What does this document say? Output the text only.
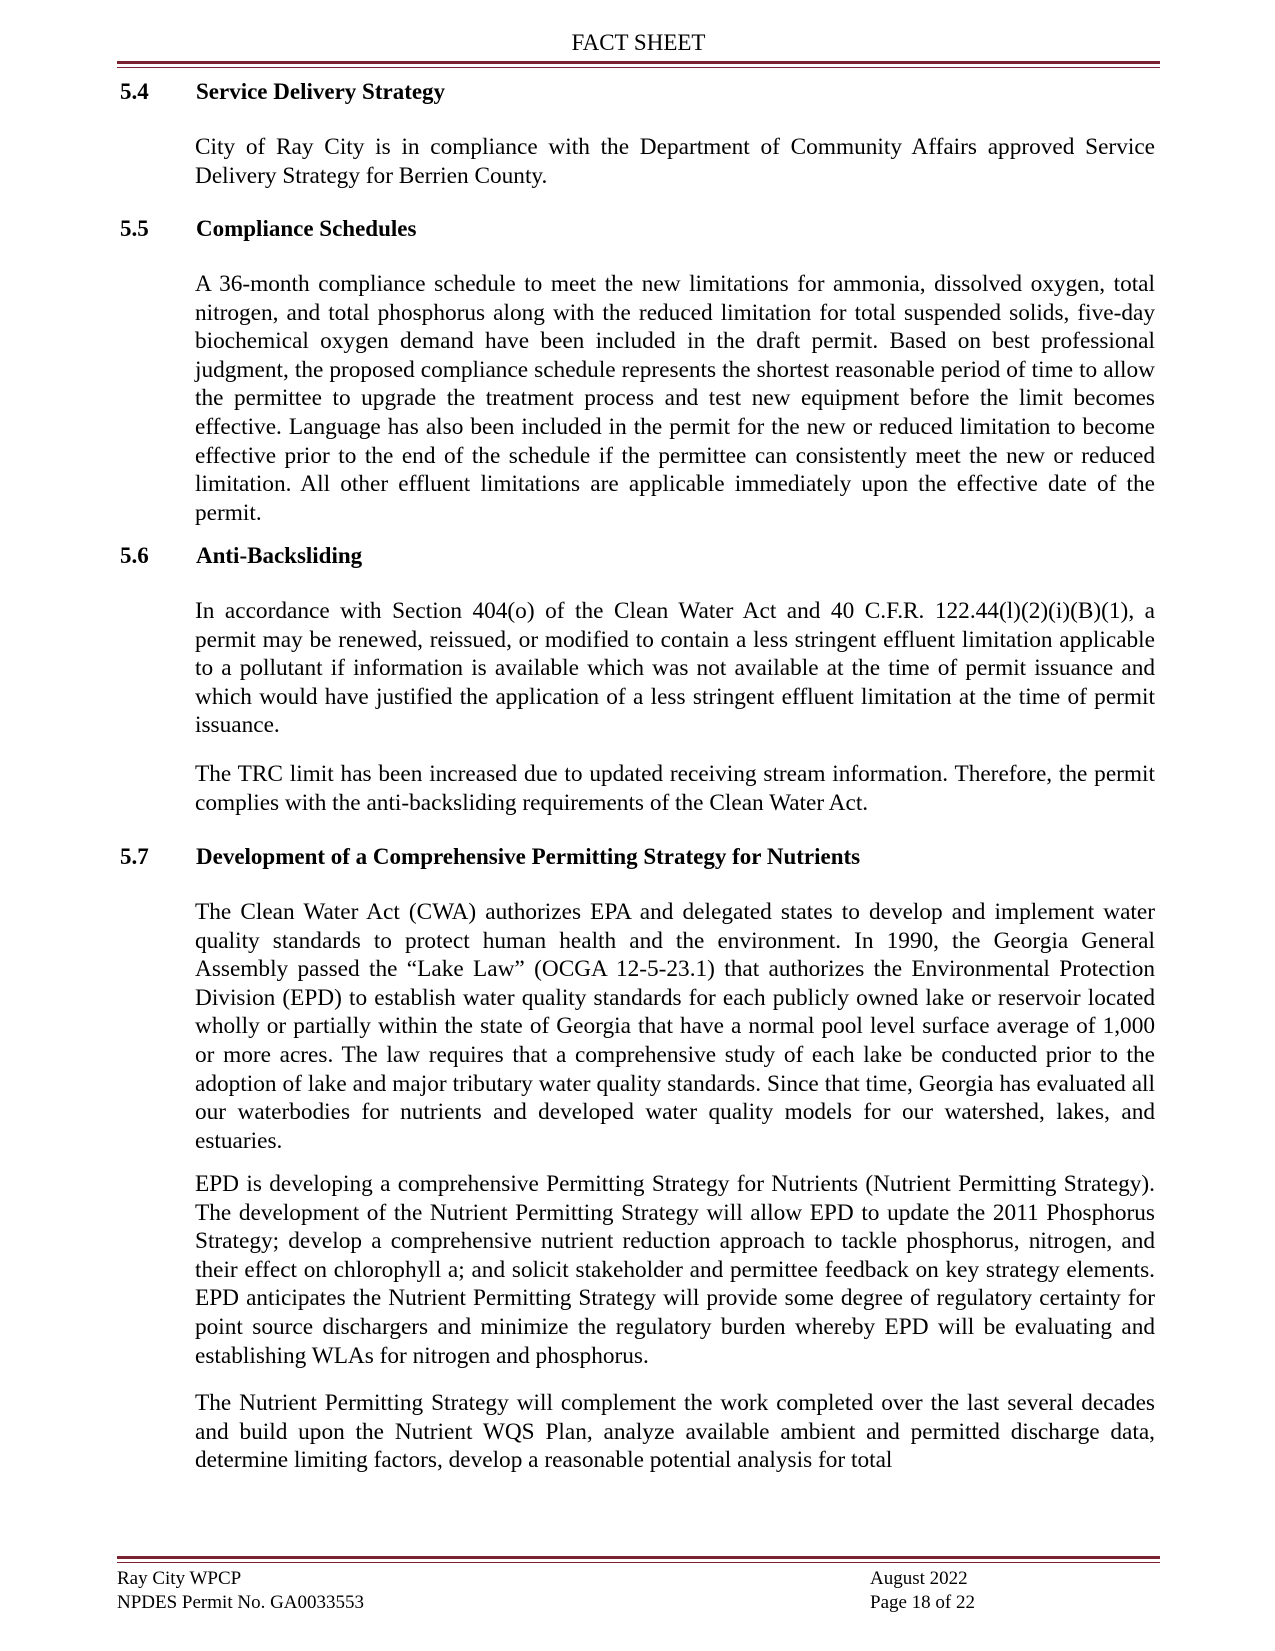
FACT SHEET
5.4 Service Delivery Strategy

City of Ray City is in compliance with the Department of Community Affairs approved Service Delivery Strategy for Berrien County.

5.5 Compliance Schedules

A 36-month compliance schedule to meet the new limitations for ammonia, dissolved oxygen, total nitrogen, and total phosphorus along with the reduced limitation for total suspended solids, five-day biochemical oxygen demand have been included in the draft permit. Based on best professional judgment, the proposed compliance schedule represents the shortest reasonable period of time to allow the permittee to upgrade the treatment process and test new equipment before the limit becomes effective. Language has also been included in the permit for the new or reduced limitation to become effective prior to the end of the schedule if the permittee can consistently meet the new or reduced limitation. All other effluent limitations are applicable immediately upon the effective date of the permit.

5.6 Anti-Backsliding

In accordance with Section 404(o) of the Clean Water Act and 40 C.F.R. 122.44(l)(2)(i)(B)(1), a permit may be renewed, reissued, or modified to contain a less stringent effluent limitation applicable to a pollutant if information is available which was not available at the time of permit issuance and which would have justified the application of a less stringent effluent limitation at the time of permit issuance.

The TRC limit has been increased due to updated receiving stream information. Therefore, the permit complies with the anti-backsliding requirements of the Clean Water Act.

5.7 Development of a Comprehensive Permitting Strategy for Nutrients

The Clean Water Act (CWA) authorizes EPA and delegated states to develop and implement water quality standards to protect human health and the environment. In 1990, the Georgia General Assembly passed the “Lake Law” (OCGA 12-5-23.1) that authorizes the Environmental Protection Division (EPD) to establish water quality standards for each publicly owned lake or reservoir located wholly or partially within the state of Georgia that have a normal pool level surface average of 1,000 or more acres. The law requires that a comprehensive study of each lake be conducted prior to the adoption of lake and major tributary water quality standards. Since that time, Georgia has evaluated all our waterbodies for nutrients and developed water quality models for our watershed, lakes, and estuaries.

EPD is developing a comprehensive Permitting Strategy for Nutrients (Nutrient Permitting Strategy). The development of the Nutrient Permitting Strategy will allow EPD to update the 2011 Phosphorus Strategy; develop a comprehensive nutrient reduction approach to tackle phosphorus, nitrogen, and their effect on chlorophyll a; and solicit stakeholder and permittee feedback on key strategy elements. EPD anticipates the Nutrient Permitting Strategy will provide some degree of regulatory certainty for point source dischargers and minimize the regulatory burden whereby EPD will be evaluating and establishing WLAs for nitrogen and phosphorus.

The Nutrient Permitting Strategy will complement the work completed over the last several decades and build upon the Nutrient WQS Plan, analyze available ambient and permitted discharge data, determine limiting factors, develop a reasonable potential analysis for total

Ray City WPCP
NPDES Permit No. GA0033553
August 2022
Page 18 of 22
